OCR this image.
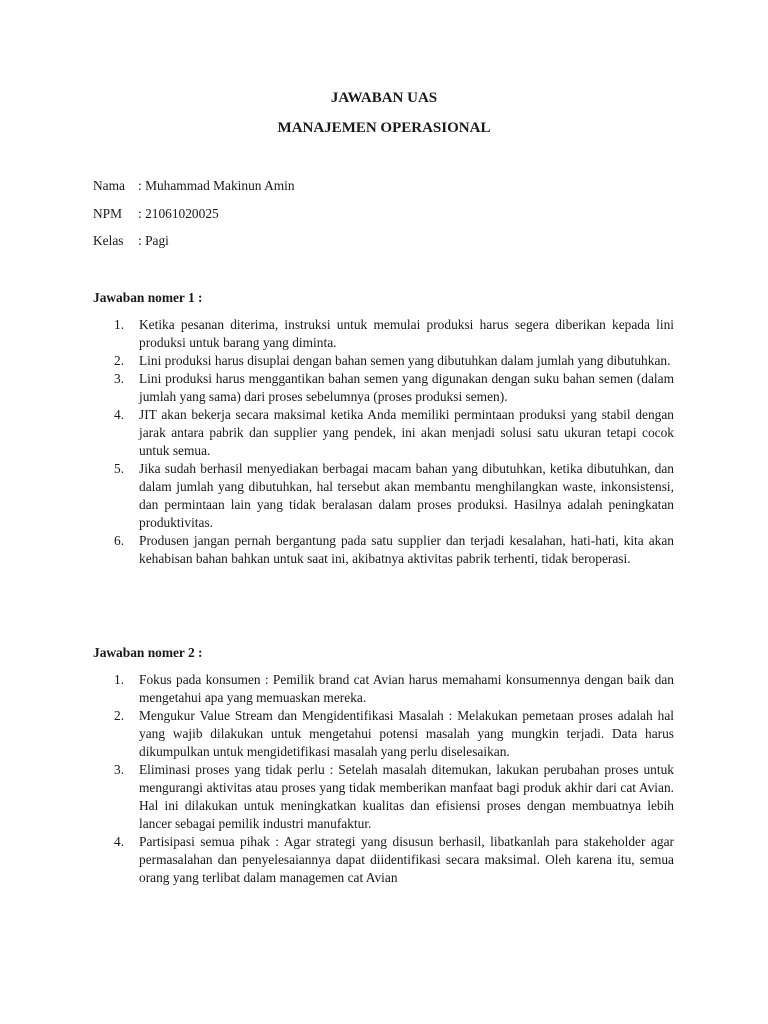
JAWABAN UAS
MANAJEMEN OPERASIONAL
Nama : Muhammad Makinun Amin
NPM : 21061020025
Kelas : Pagi
Jawaban nomer 1 :
1. Ketika pesanan diterima, instruksi untuk memulai produksi harus segera diberikan kepada lini produksi untuk barang yang diminta.
2. Lini produksi harus disuplai dengan bahan semen yang dibutuhkan dalam jumlah yang dibutuhkan.
3. Lini produksi harus menggantikan bahan semen yang digunakan dengan suku bahan semen (dalam jumlah yang sama) dari proses sebelumnya (proses produksi semen).
4. JIT akan bekerja secara maksimal ketika Anda memiliki permintaan produksi yang stabil dengan jarak antara pabrik dan supplier yang pendek, ini akan menjadi solusi satu ukuran tetapi cocok untuk semua.
5. Jika sudah berhasil menyediakan berbagai macam bahan yang dibutuhkan, ketika dibutuhkan, dan dalam jumlah yang dibutuhkan, hal tersebut akan membantu menghilangkan waste, inkonsistensi, dan permintaan lain yang tidak beralasan dalam proses produksi. Hasilnya adalah peningkatan produktivitas.
6. Produsen jangan pernah bergantung pada satu supplier dan terjadi kesalahan, hati-hati, kita akan kehabisan bahan bahkan untuk saat ini, akibatnya aktivitas pabrik terhenti, tidak beroperasi.
Jawaban nomer 2 :
1. Fokus pada konsumen : Pemilik brand cat Avian harus memahami konsumennya dengan baik dan mengetahui apa yang memuaskan mereka.
2. Mengukur Value Stream dan Mengidentifikasi Masalah : Melakukan pemetaan proses adalah hal yang wajib dilakukan untuk mengetahui potensi masalah yang mungkin terjadi. Data harus dikumpulkan untuk mengidetifikasi masalah yang perlu diselesaikan.
3. Eliminasi proses yang tidak perlu : Setelah masalah ditemukan, lakukan perubahan proses untuk mengurangi aktivitas atau proses yang tidak memberikan manfaat bagi produk akhir dari cat Avian. Hal ini dilakukan untuk meningkatkan kualitas dan efisiensi proses dengan membuatnya lebih lancer sebagai pemilik industri manufaktur.
4. Partisipasi semua pihak : Agar strategi yang disusun berhasil, libatkanlah para stakeholder agar permasalahan dan penyelesaiannya dapat diidentifikasi secara maksimal. Oleh karena itu, semua orang yang terlibat dalam managemen cat Avian
